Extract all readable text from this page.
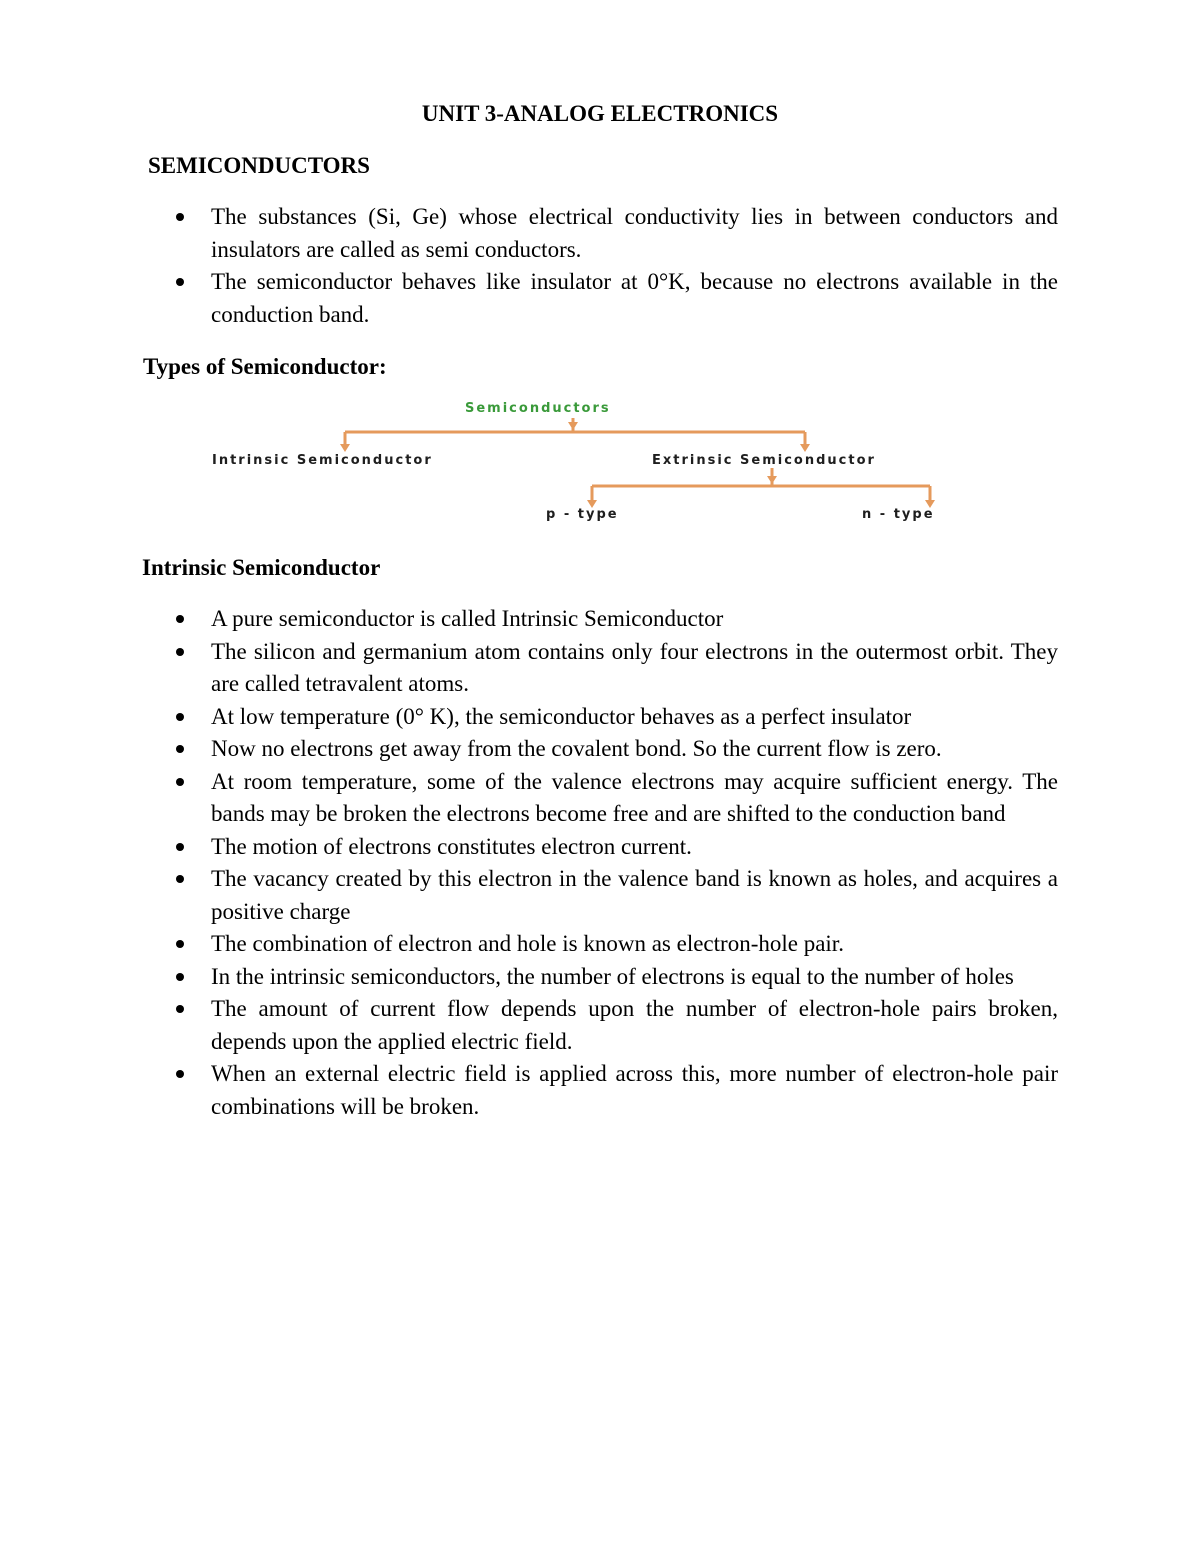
UNIT 3-ANALOG ELECTRONICS
SEMICONDUCTORS
The substances (Si, Ge) whose electrical conductivity lies in between conductors and insulators are called as semi conductors.
The semiconductor behaves like insulator at 0°K, because no electrons available in the conduction band.
Types of Semiconductor:
Semiconductors
Intrinsic Semiconductor	Extrinsic Semiconductor
p - type	n - type
Intrinsic Semiconductor
A pure semiconductor is called Intrinsic Semiconductor
The silicon and germanium atom contains only four electrons in the outermost orbit. They are called tetravalent atoms.
At low temperature (0° K), the semiconductor behaves as a perfect insulator
Now no electrons get away from the covalent bond. So the current flow is zero.
At room temperature, some of the valence electrons may acquire sufficient energy. The bands may be broken the electrons become free and are shifted to the conduction band
The motion of electrons constitutes electron current.
The vacancy created by this electron in the valence band is known as holes, and acquires a positive charge
The combination of electron and hole is known as electron-hole pair.
In the intrinsic semiconductors, the number of electrons is equal to the number of holes
The amount of current flow depends upon the number of electron-hole pairs broken, depends upon the applied electric field.
When an external electric field is applied across this, more number of electron-hole pair combinations will be broken.
